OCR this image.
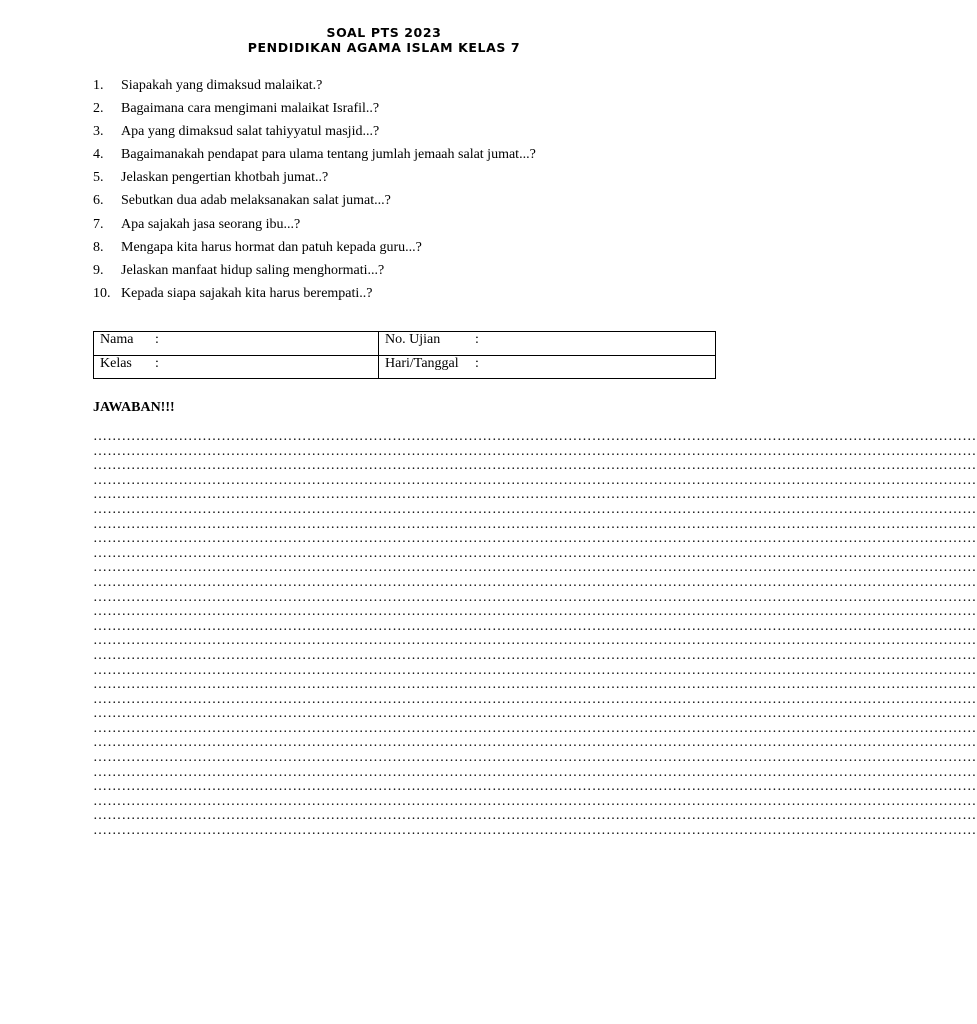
SOAL PTS 2023
PENDIDIKAN AGAMA ISLAM KELAS 7
1. Siapakah yang dimaksud malaikat.?
2. Bagaimana cara mengimani malaikat Israfil..?
3. Apa yang dimaksud salat tahiyyatul masjid...?
4. Bagaimanakah pendapat para ulama tentang jumlah jemaah salat jumat...?
5. Jelaskan pengertian khotbah jumat..?
6. Sebutkan dua adab melaksanakan salat jumat...?
7. Apa sajakah jasa seorang ibu...?
8. Mengapa kita harus hormat dan patuh kepada guru...?
9. Jelaskan manfaat hidup saling menghormati...?
10. Kepada siapa sajakah kita harus berempati..?
Nama :	No. Ujian :
Kelas :	Hari/Tanggal :
JAWABAN!!!
……………………………………………………………………………………………………………………………………………………………………
……………………………………………………………………………………………………………………………………………………………………
……………………………………………………………………………………………………………………………………………………………………
……………………………………………………………………………………………………………………………………………………………………
……………………………………………………………………………………………………………………………………………………………………
……………………………………………………………………………………………………………………………………………………………………
……………………………………………………………………………………………………………………………………………………………………
……………………………………………………………………………………………………………………………………………………………………
……………………………………………………………………………………………………………………………………………………………………
……………………………………………………………………………………………………………………………………………………………………
……………………………………………………………………………………………………………………………………………………………………
……………………………………………………………………………………………………………………………………………………………………
……………………………………………………………………………………………………………………………………………………………………
……………………………………………………………………………………………………………………………………………………………………
……………………………………………………………………………………………………………………………………………………………………
……………………………………………………………………………………………………………………………………………………………………
……………………………………………………………………………………………………………………………………………………………………
……………………………………………………………………………………………………………………………………………………………………
……………………………………………………………………………………………………………………………………………………………………
……………………………………………………………………………………………………………………………………………………………………
……………………………………………………………………………………………………………………………………………………………………
……………………………………………………………………………………………………………………………………………………………………
……………………………………………………………………………………………………………………………………………………………………
……………………………………………………………………………………………………………………………………………………………………
……………………………………………………………………………………………………………………………………………………………………
……………………………………………………………………………………………………………………………………………………………………
……………………………………………………………………………………………………………………………………………………………………
……………………………………………………………………………………………………………………………………………………………………
